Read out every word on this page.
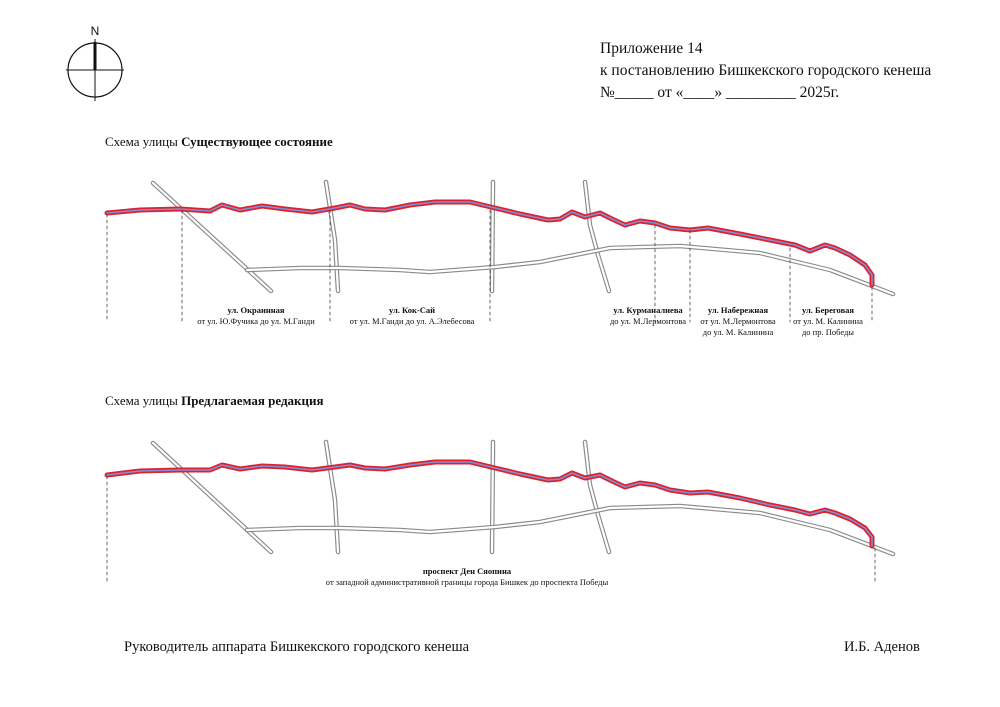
N
Приложение 14
к постановлению Бишкекского городского кенеша
№_____ от «____» _________ 2025г.
Схема улицы Существующее состояние
ул. Окраинная
от ул. Ю.Фучика до ул. М.Ганди
ул. Кок-Сай
от ул. М.Ганди до ул. А.Элебесова
ул. Курманалиева
до ул. М.Лермонтова
ул. Набережная
от ул. М.Лермонтова
до ул. М. Калинина
ул. Береговая
от ул. М. Калинина
до пр. Победы
Схема улицы Предлагаемая редакция
проспект Ден Сяопина
от западной административной границы города Бишкек до проспекта Победы
Руководитель аппарата Бишкекского городского кенеша	И.Б. Аденов
